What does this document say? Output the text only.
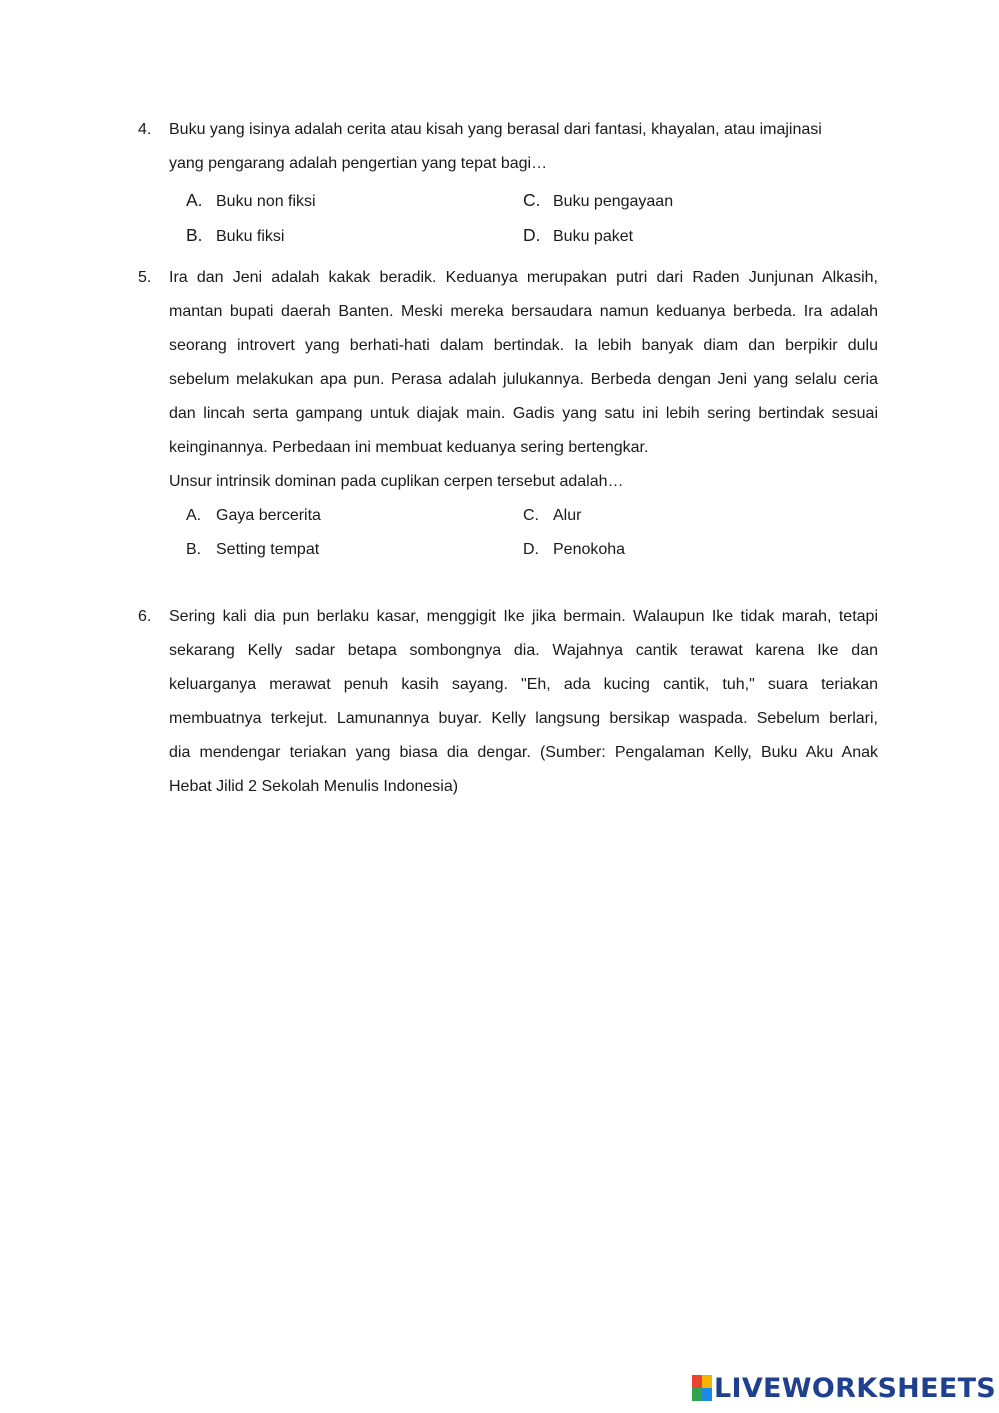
4. Buku yang isinya adalah cerita atau kisah yang berasal dari fantasi, khayalan, atau imajinasi
yang pengarang adalah pengertian yang tepat bagi…
A. Buku non fiksi
B. Buku fiksi
C. Buku pengayaan
D. Buku paket
5. Ira dan Jeni adalah kakak beradik. Keduanya merupakan putri dari Raden Junjunan Alkasih,
mantan bupati daerah Banten. Meski mereka bersaudara namun keduanya berbeda. Ira adalah
seorang introvert yang berhati-hati dalam bertindak. Ia lebih banyak diam dan berpikir dulu
sebelum melakukan apa pun. Perasa adalah julukannya. Berbeda dengan Jeni yang selalu ceria
dan lincah serta gampang untuk diajak main. Gadis yang satu ini lebih sering bertindak sesuai
keinginannya. Perbedaan ini membuat keduanya sering bertengkar.
Unsur intrinsik dominan pada cuplikan cerpen tersebut adalah…
A. Gaya bercerita
B. Setting tempat
C. Alur
D. Penokoha
6. Sering kali dia pun berlaku kasar, menggigit Ike jika bermain. Walaupun Ike tidak marah, tetapi
sekarang Kelly sadar betapa sombongnya dia. Wajahnya cantik terawat karena Ike dan
keluarganya merawat penuh kasih sayang. "Eh, ada kucing cantik, tuh," suara teriakan
membuatnya terkejut. Lamunannya buyar. Kelly langsung bersikap waspada. Sebelum berlari,
dia mendengar teriakan yang biasa dia dengar. (Sumber: Pengalaman Kelly, Buku Aku Anak
Hebat Jilid 2 Sekolah Menulis Indonesia)
LIVEWORKSHEETS
